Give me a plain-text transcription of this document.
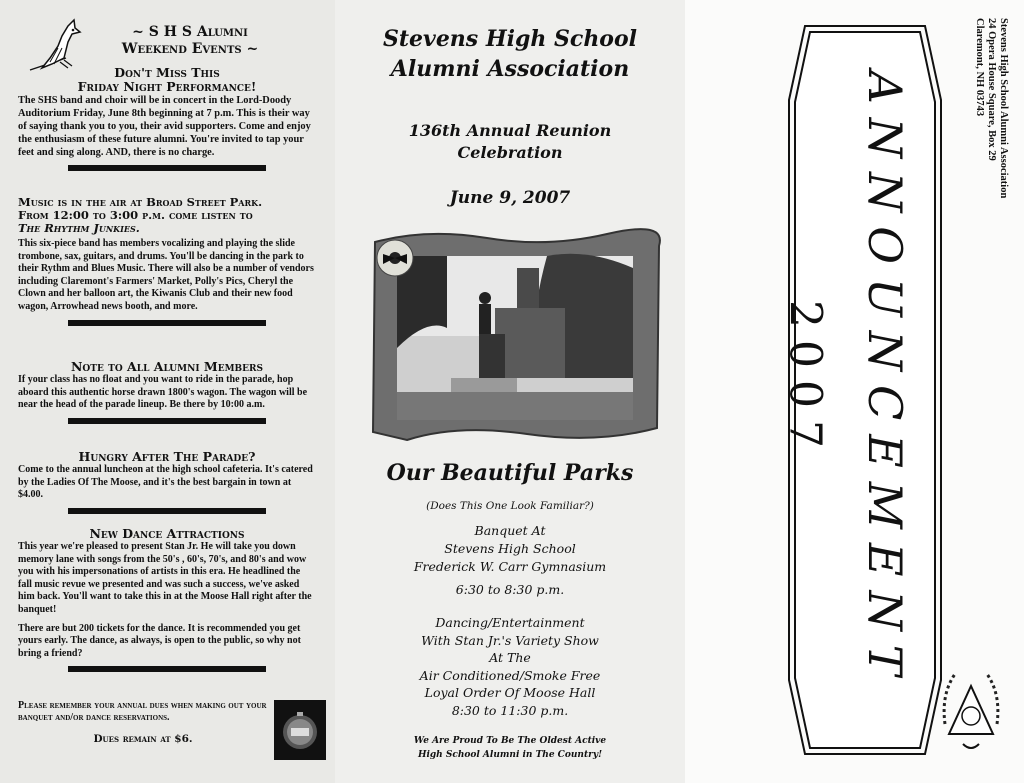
~ S H S Alumni
Weekend Events ~
Don't Miss This
Friday Night Performance!

The SHS band and choir will be in concert in the Lord-Doody Auditorium Friday, June 8th beginning at 7 p.m. This is their way of saying thank you to you, their avid supporters. Come and enjoy the enthusiasm of these future alumni. You're invited to tap your feet and sing along. AND, there is no charge.

Music is in the air at Broad Street Park.
From 12:00 to 3:00 p.m. come listen to
The Rhythm Junkies.

This six-piece band has members vocalizing and playing the slide trombone, sax, guitars, and drums. You'll be dancing in the park to their Rythm and Blues Music. There will also be a number of vendors including Claremont's Farmers' Market, Polly's Pics, Cheryl the Clown and her balloon art, the Kiwanis Club and their new food wagon, Arrowhead news booth, and more.

Note to All Alumni Members

If your class has no float and you want to ride in the parade, hop aboard this authentic horse drawn 1800's wagon. The wagon will be near the head of the parade lineup. Be there by 10:00 a.m.

Hungry After The Parade?

Come to the annual luncheon at the high school cafeteria. It's catered by the Ladies Of The Moose, and it's the best bargain in town at $4.00.

New Dance Attractions

This year we're pleased to present Stan Jr. He will take you down memory lane with songs from the 50's , 60's, 70's, and 80's and wow you with his impersonations of artists in this era. He headlined the fall music revue we presented and was such a success, we've asked him back. You'll want to take this in at the Moose Hall right after the banquet!

There are but 200 tickets for the dance. It is recommended you get yours early. The dance, as always, is open to the public, so why not bring a friend?

Please remember your annual dues when making out your banquet and/or dance reservations.

Dues remain at $6.
Stevens High School
Alumni Association
136th Annual Reunion
Celebration
June 9, 2007
Our Beautiful Parks
(Does This One Look Familiar?)
Banquet At
Stevens High School
Frederick W. Carr Gymnasium
6:30 to 8:30 p.m.
Dancing/Entertainment
With Stan Jr.'s Variety Show
At The
Air Conditioned/Smoke Free
Loyal Order Of Moose Hall
8:30 to 11:30 p.m.
We Are Proud To Be The Oldest Active
High School Alumni in The Country!
ANNOUNCEMENT
2007
Stevens High School Alumni Association
24 Opera House Square, Box 29
Claremont, NH 03743
